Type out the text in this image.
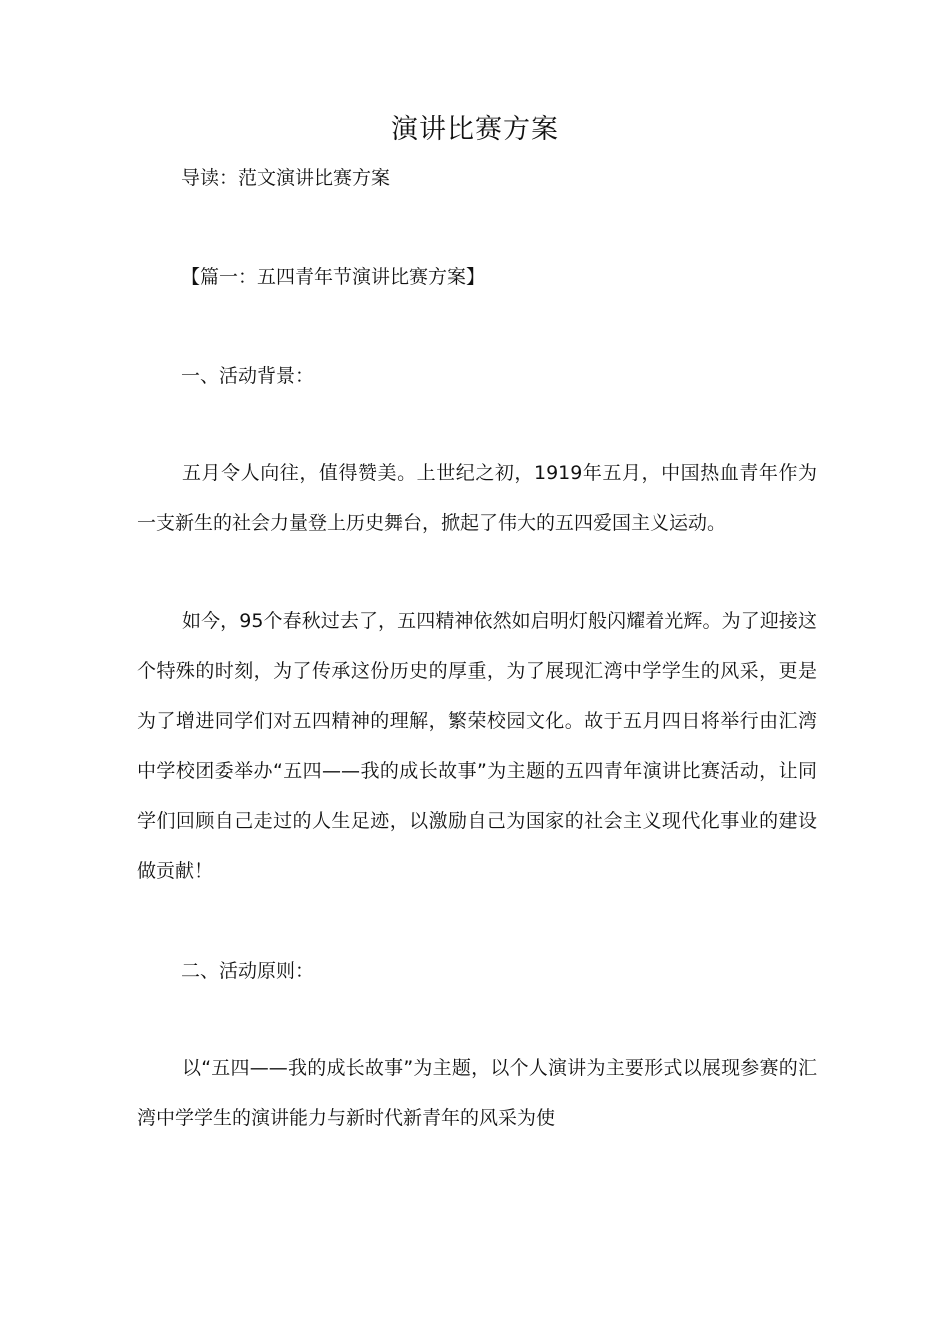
演讲比赛方案
导读：范文演讲比赛方案
【篇一：五四青年节演讲比赛方案】
一、活动背景：
五月令人向往，值得赞美。上世纪之初，1919年五月，中国热血青年作为一支新生的社会力量登上历史舞台，掀起了伟大的五四爱国主义运动。
如今，95个春秋过去了，五四精神依然如启明灯般闪耀着光辉。为了迎接这个特殊的时刻，为了传承这份历史的厚重，为了展现汇湾中学学生的风采，更是为了增进同学们对五四精神的理解，繁荣校园文化。故于五月四日将举行由汇湾中学校团委举办“五四——我的成长故事”为主题的五四青年演讲比赛活动，让同学们回顾自己走过的人生足迹，以激励自己为国家的社会主义现代化事业的建设做贡献！
二、活动原则：
以“五四——我的成长故事”为主题，以个人演讲为主要形式以展现参赛的汇湾中学学生的演讲能力与新时代新青年的风采为使
